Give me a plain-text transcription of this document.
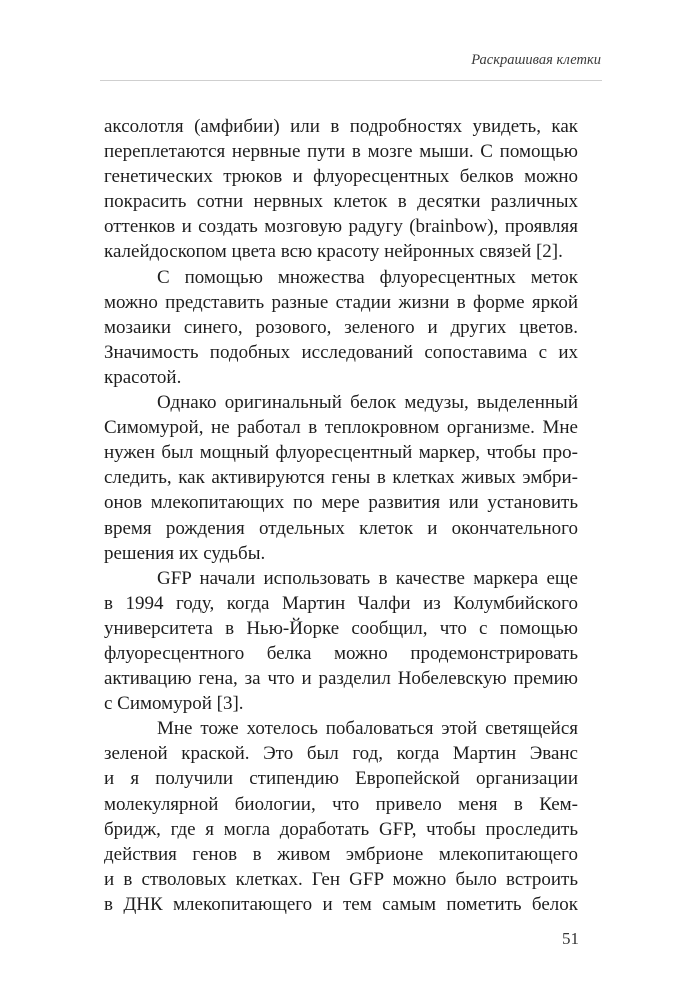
Раскрашивая клетки
аксолотля (амфибии) или в подробностях увидеть, как
переплетаются нервные пути в мозге мыши. С помощью
генетических трюков и флуоресцентных белков можно
покрасить сотни нервных клеток в десятки различных
оттенков и создать мозговую радугу (brainbow), проявляя
калейдоскопом цвета всю красоту нейронных связей [2].
С помощью множества флуоресцентных меток
можно представить разные стадии жизни в форме яркой
мозаики синего, розового, зеленого и других цветов.
Значимость подобных исследований сопоставима с их
красотой.
Однако оригинальный белок медузы, выделенный
Симомурой, не работал в теплокровном организме. Мне
нужен был мощный флуоресцентный маркер, чтобы про-
следить, как активируются гены в клетках живых эмбри-
онов млекопитающих по мере развития или установить
время рождения отдельных клеток и окончательного
решения их судьбы.
GFP начали использовать в качестве маркера еще
в 1994 году, когда Мартин Чалфи из Колумбийского
университета в Нью-Йорке сообщил, что с помощью
флуоресцентного белка можно продемонстрировать
активацию гена, за что и разделил Нобелевскую премию
с Симомурой [3].
Мне тоже хотелось побаловаться этой светящейся
зеленой краской. Это был год, когда Мартин Эванс
и я получили стипендию Европейской организации
молекулярной биологии, что привело меня в Кем-
бридж, где я могла доработать GFP, чтобы проследить
действия генов в живом эмбрионе млекопитающего
и в стволовых клетках. Ген GFP можно было встроить
в ДНК млекопитающего и тем самым пометить белок
51
